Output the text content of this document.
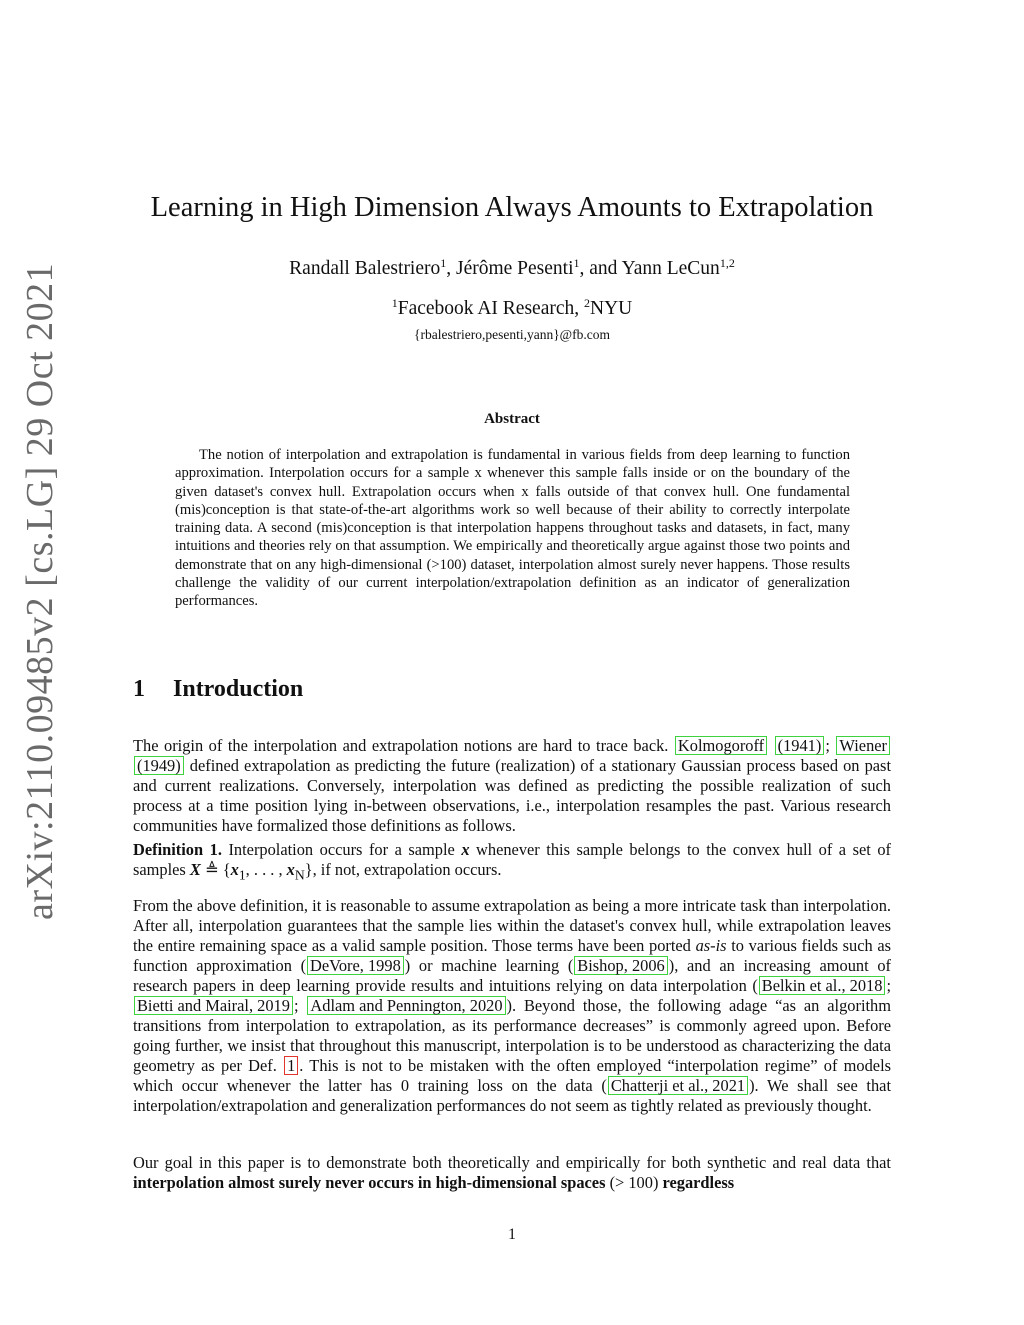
arXiv:2110.09485v2 [cs.LG] 29 Oct 2021
Learning in High Dimension Always Amounts to Extrapolation
Randall Balestriero$^1$, Jérôme Pesenti$^1$, and Yann LeCun$^{1,2}$
$^1$Facebook AI Research, $^2$NYU
{rbalestriero,pesenti,yann}@fb.com
Abstract

The notion of interpolation and extrapolation is fundamental in various fields from deep learning to function approximation. Interpolation occurs for a sample x whenever this sample falls inside or on the boundary of the given dataset's convex hull. Extrapolation occurs when x falls outside of that convex hull. One fundamental (mis)conception is that state-of-the-art algorithms work so well because of their ability to correctly interpolate training data. A second (mis)conception is that interpolation happens throughout tasks and datasets, in fact, many intuitions and theories rely on that assumption. We empirically and theoretically argue against those two points and demonstrate that on any high-dimensional (>100) dataset, interpolation almost surely never happens. Those results challenge the validity of our current interpolation/extrapolation definition as an indicator of generalization performances.

1 Introduction

The origin of the interpolation and extrapolation notions are hard to trace back. Kolmogoroff (1941) ; Wiener (1949) defined extrapolation as predicting the future (realization) of a stationary Gaussian process based on past and current realizations. Conversely, interpolation was defined as predicting the possible realization of such process at a time position lying in-between observations, i.e., interpolation resamples the past. Various research communities have formalized those definitions as follows.

Definition 1. Interpolation occurs for a sample x whenever this sample belongs to the convex hull of a set of samples X ≜ {$x_1$, . . . , $x_N$}, if not, extrapolation occurs.

From the above definition, it is reasonable to assume extrapolation as being a more intricate task than interpolation. After all, interpolation guarantees that the sample lies within the dataset's convex hull, while extrapolation leaves the entire remaining space as a valid sample position. Those terms have been ported as-is to various fields such as function approximation ( DeVore, 1998 ) or machine learning ( Bishop, 2006 ), and an increasing amount of research papers in deep learning provide results and intuitions relying on data interpolation ( Belkin et al., 2018 ; Bietti and Mairal, 2019 ; Adlam and Pennington, 2020 ). Beyond those, the following adage “as an algorithm transitions from interpolation to extrapolation, as its performance decreases” is commonly agreed upon. Before going further, we insist that throughout this manuscript, interpolation is to be understood as characterizing the data geometry as per Def. 1 . This is not to be mistaken with the often employed “interpolation regime” of models which occur whenever the latter has 0 training loss on the data ( Chatterji et al., 2021 ). We shall see that interpolation/extrapolation and generalization performances do not seem as tightly related as previously thought.

Our goal in this paper is to demonstrate both theoretically and empirically for both synthetic and real data that interpolation almost surely never occurs in high-dimensional spaces (> 100) regardless

1
